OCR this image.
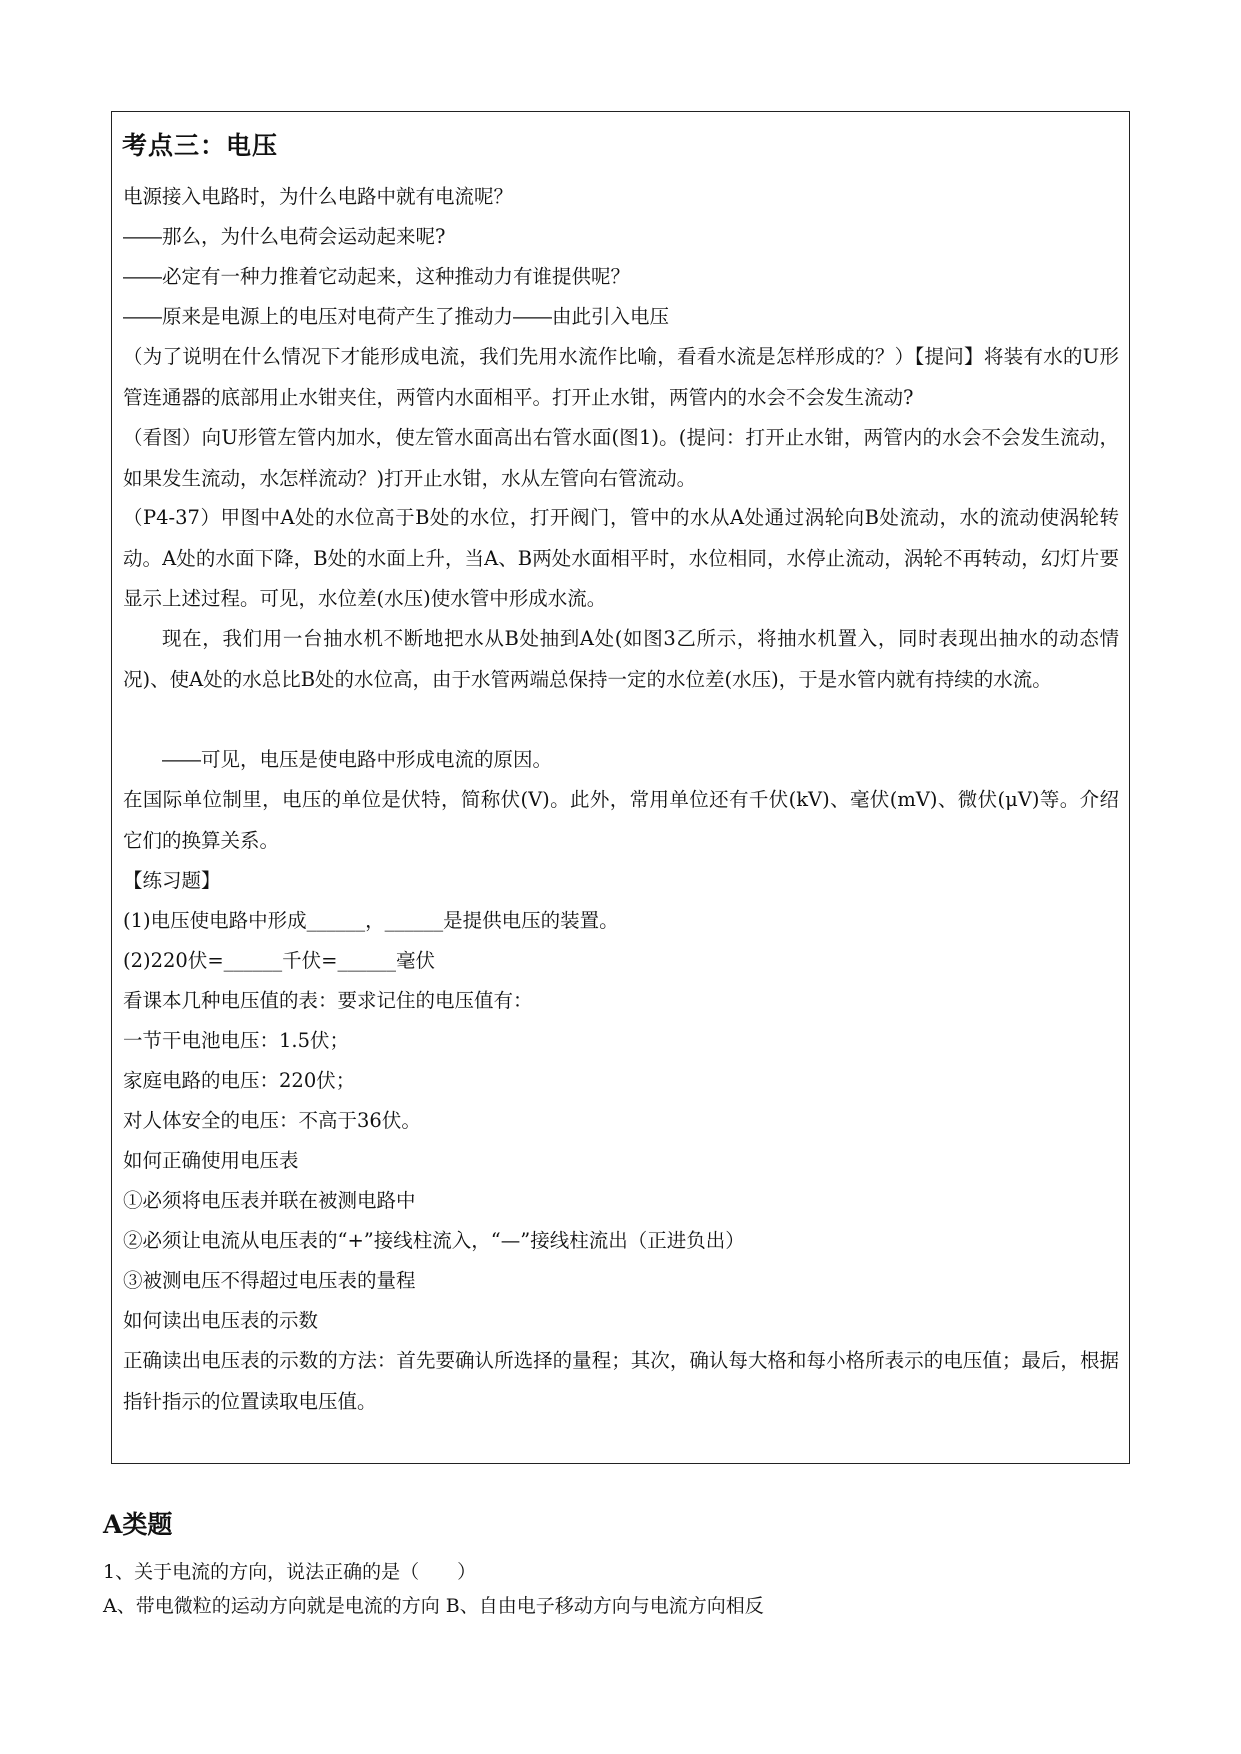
考点三：电压

电源接入电路时，为什么电路中就有电流呢？

――那么，为什么电荷会运动起来呢?

――必定有一种力推着它动起来，这种推动力有谁提供呢？

――原来是电源上的电压对电荷产生了推动力――由此引入电压

（为了说明在什么情况下才能形成电流，我们先用水流作比喻，看看水流是怎样形成的？）【提问】将装有水的U形管连通器的底部用止水钳夹住，两管内水面相平。打开止水钳，两管内的水会不会发生流动?

（看图）向U形管左管内加水，使左管水面高出右管水面(图1)。(提问：打开止水钳，两管内的水会不会发生流动，如果发生流动，水怎样流动？)打开止水钳，水从左管向右管流动。

（P4-37）甲图中A处的水位高于B处的水位，打开阀门，管中的水从A处通过涡轮向B处流动，水的流动使涡轮转动。A处的水面下降，B处的水面上升，当A、B两处水面相平时，水位相同，水停止流动，涡轮不再转动，幻灯片要显示上述过程。可见，水位差(水压)使水管中形成水流。

现在，我们用一台抽水机不断地把水从B处抽到A处(如图3乙所示，将抽水机置入，同时表现出抽水的动态情况)、使A处的水总比B处的水位高，由于水管两端总保持一定的水位差(水压)，于是水管内就有持续的水流。

――可见，电压是使电路中形成电流的原因。

在国际单位制里，电压的单位是伏特，简称伏(V)。此外，常用单位还有千伏(kV)、毫伏(mV)、微伏(μV)等。介绍它们的换算关系。

【练习题】

(1)电压使电路中形成______，______是提供电压的装置。

(2)220伏=______千伏=______毫伏

看课本几种电压值的表：要求记住的电压值有：

一节干电池电压：1.5伏；

家庭电路的电压：220伏；

对人体安全的电压：不高于36伏。

如何正确使用电压表

①必须将电压表并联在被测电路中

②必须让电流从电压表的“+”接线柱流入，“—”接线柱流出（正进负出）

③被测电压不得超过电压表的量程

如何读出电压表的示数

正确读出电压表的示数的方法：首先要确认所选择的量程；其次，确认每大格和每小格所表示的电压值；最后，根据指针指示的位置读取电压值。

A类题

1、关于电流的方向，说法正确的是（　　）

A、带电微粒的运动方向就是电流的方向 B、自由电子移动方向与电流方向相反
